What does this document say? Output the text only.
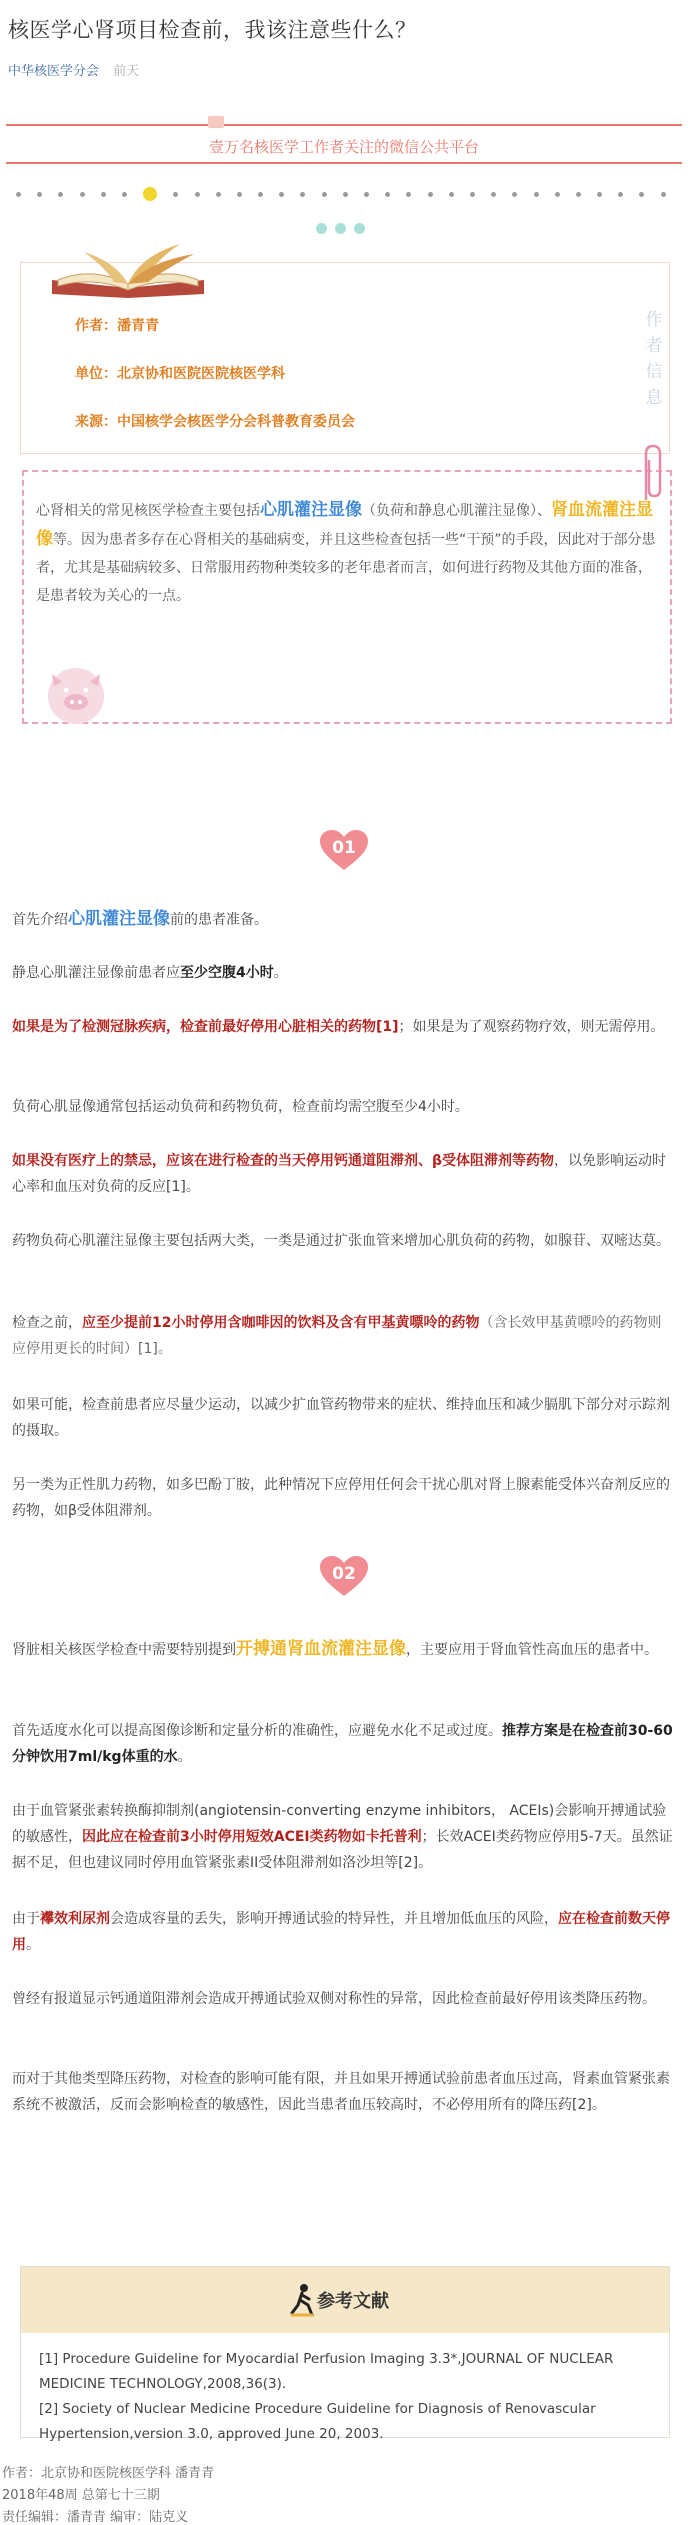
核医学心肾项目检查前，我该注意些什么？
中华核医学分会 前天
壹万名核医学工作者关注的微信公共平台
作者：潘青青
单位：北京协和医院医院核医学科
来源：中国核学会核医学分会科普教育委员会
作者信息
心肾相关的常见核医学检查主要包括心肌灌注显像（负荷和静息心肌灌注显像）、肾血流灌注显像等。因为患者多存在心肾相关的基础病变，并且这些检查包括一些“干预”的手段，因此对于部分患者，尤其是基础病较多、日常服用药物种类较多的老年患者而言，如何进行药物及其他方面的准备，是患者较为关心的一点。
01
首先介绍心肌灌注显像前的患者准备。
静息心肌灌注显像前患者应至少空腹4小时。
如果是为了检测冠脉疾病，检查前最好停用心脏相关的药物[1]；如果是为了观察药物疗效，则无需停用。
负荷心肌显像通常包括运动负荷和药物负荷，检查前均需空腹至少4小时。
如果没有医疗上的禁忌，应该在进行检查的当天停用钙通道阻滞剂、β受体阻滞剂等药物，以免影响运动时心率和血压对负荷的反应[1]。
药物负荷心肌灌注显像主要包括两大类，一类是通过扩张血管来增加心肌负荷的药物，如腺苷、双嘧达莫。
检查之前，应至少提前12小时停用含咖啡因的饮料及含有甲基黄嘌呤的药物（含长效甲基黄嘌呤的药物则应停用更长的时间）[1]。
如果可能，检查前患者应尽量少运动，以减少扩血管药物带来的症状、维持血压和减少膈肌下部分对示踪剂的摄取。
另一类为正性肌力药物，如多巴酚丁胺，此种情况下应停用任何会干扰心肌对肾上腺素能受体兴奋剂反应的药物，如β受体阻滞剂。
02
肾脏相关核医学检查中需要特别提到开搏通肾血流灌注显像，主要应用于肾血管性高血压的患者中。
首先适度水化可以提高图像诊断和定量分析的准确性，应避免水化不足或过度。推荐方案是在检查前30-60分钟饮用7ml/kg体重的水。
由于血管紧张素转换酶抑制剂(angiotensin-converting enzyme inhibitors， ACEIs)会影响开搏通试验的敏感性，因此应在检查前3小时停用短效ACEI类药物如卡托普利；长效ACEI类药物应停用5-7天。虽然证据不足，但也建议同时停用血管紧张素II受体阻滞剂如洛沙坦等[2]。
由于襻效利尿剂会造成容量的丢失，影响开搏通试验的特异性，并且增加低血压的风险，应在检查前数天停用。
曾经有报道显示钙通道阻滞剂会造成开搏通试验双侧对称性的异常，因此检查前最好停用该类降压药物。
而对于其他类型降压药物，对检查的影响可能有限，并且如果开搏通试验前患者血压过高，肾素血管紧张素系统不被激活，反而会影响检查的敏感性，因此当患者血压较高时，不必停用所有的降压药[2]。
参考文献
[1] Procedure Guideline for Myocardial Perfusion Imaging 3.3*,JOURNAL OF NUCLEAR MEDICINE TECHNOLOGY,2008,36(3).
[2] Society of Nuclear Medicine Procedure Guideline for Diagnosis of Renovascular Hypertension,version 3.0, approved June 20, 2003.
作者：北京协和医院核医学科 潘青青
2018年48周 总第七十三期
责任编辑：潘青青 编审：陆克义
